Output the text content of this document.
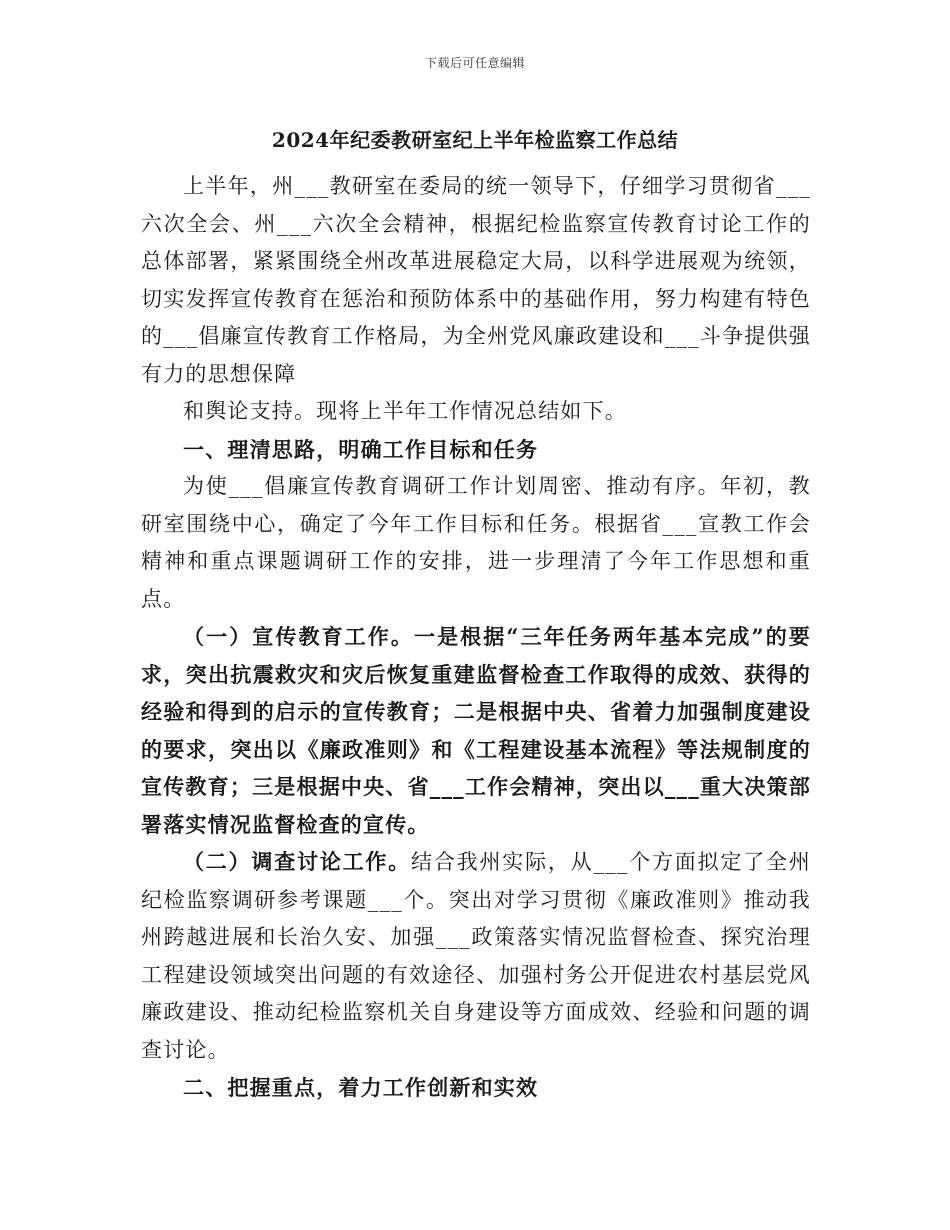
下载后可任意编辑
2024年纪委教研室纪上半年检监察工作总结

上半年，州___教研室在委局的统一领导下，仔细学习贯彻省___六次全会、州___六次全会精神，根据纪检监察宣传教育讨论工作的总体部署，紧紧围绕全州改革进展稳定大局，以科学进展观为统领，切实发挥宣传教育在惩治和预防体系中的基础作用，努力构建有特色的___倡廉宣传教育工作格局，为全州党风廉政建设和___斗争提供强有力的思想保障

和舆论支持。现将上半年工作情况总结如下。

一、理清思路，明确工作目标和任务

为使___倡廉宣传教育调研工作计划周密、推动有序。年初，教研室围绕中心，确定了今年工作目标和任务。根据省___宣教工作会精神和重点课题调研工作的安排，进一步理清了今年工作思想和重点。

（一）宣传教育工作。一是根据“三年任务两年基本完成”的要求，突出抗震救灾和灾后恢复重建监督检查工作取得的成效、获得的经验和得到的启示的宣传教育；二是根据中央、省着力加强制度建设的要求，突出以《廉政准则》和《工程建设基本流程》等法规制度的宣传教育；三是根据中央、省___工作会精神，突出以___重大决策部署落实情况监督检查的宣传。

（二）调查讨论工作。结合我州实际，从___个方面拟定了全州纪检监察调研参考课题___个。突出对学习贯彻《廉政准则》推动我州跨越进展和长治久安、加强___政策落实情况监督检查、探究治理工程建设领域突出问题的有效途径、加强村务公开促进农村基层党风廉政建设、推动纪检监察机关自身建设等方面成效、经验和问题的调查讨论。

二、把握重点，着力工作创新和实效
